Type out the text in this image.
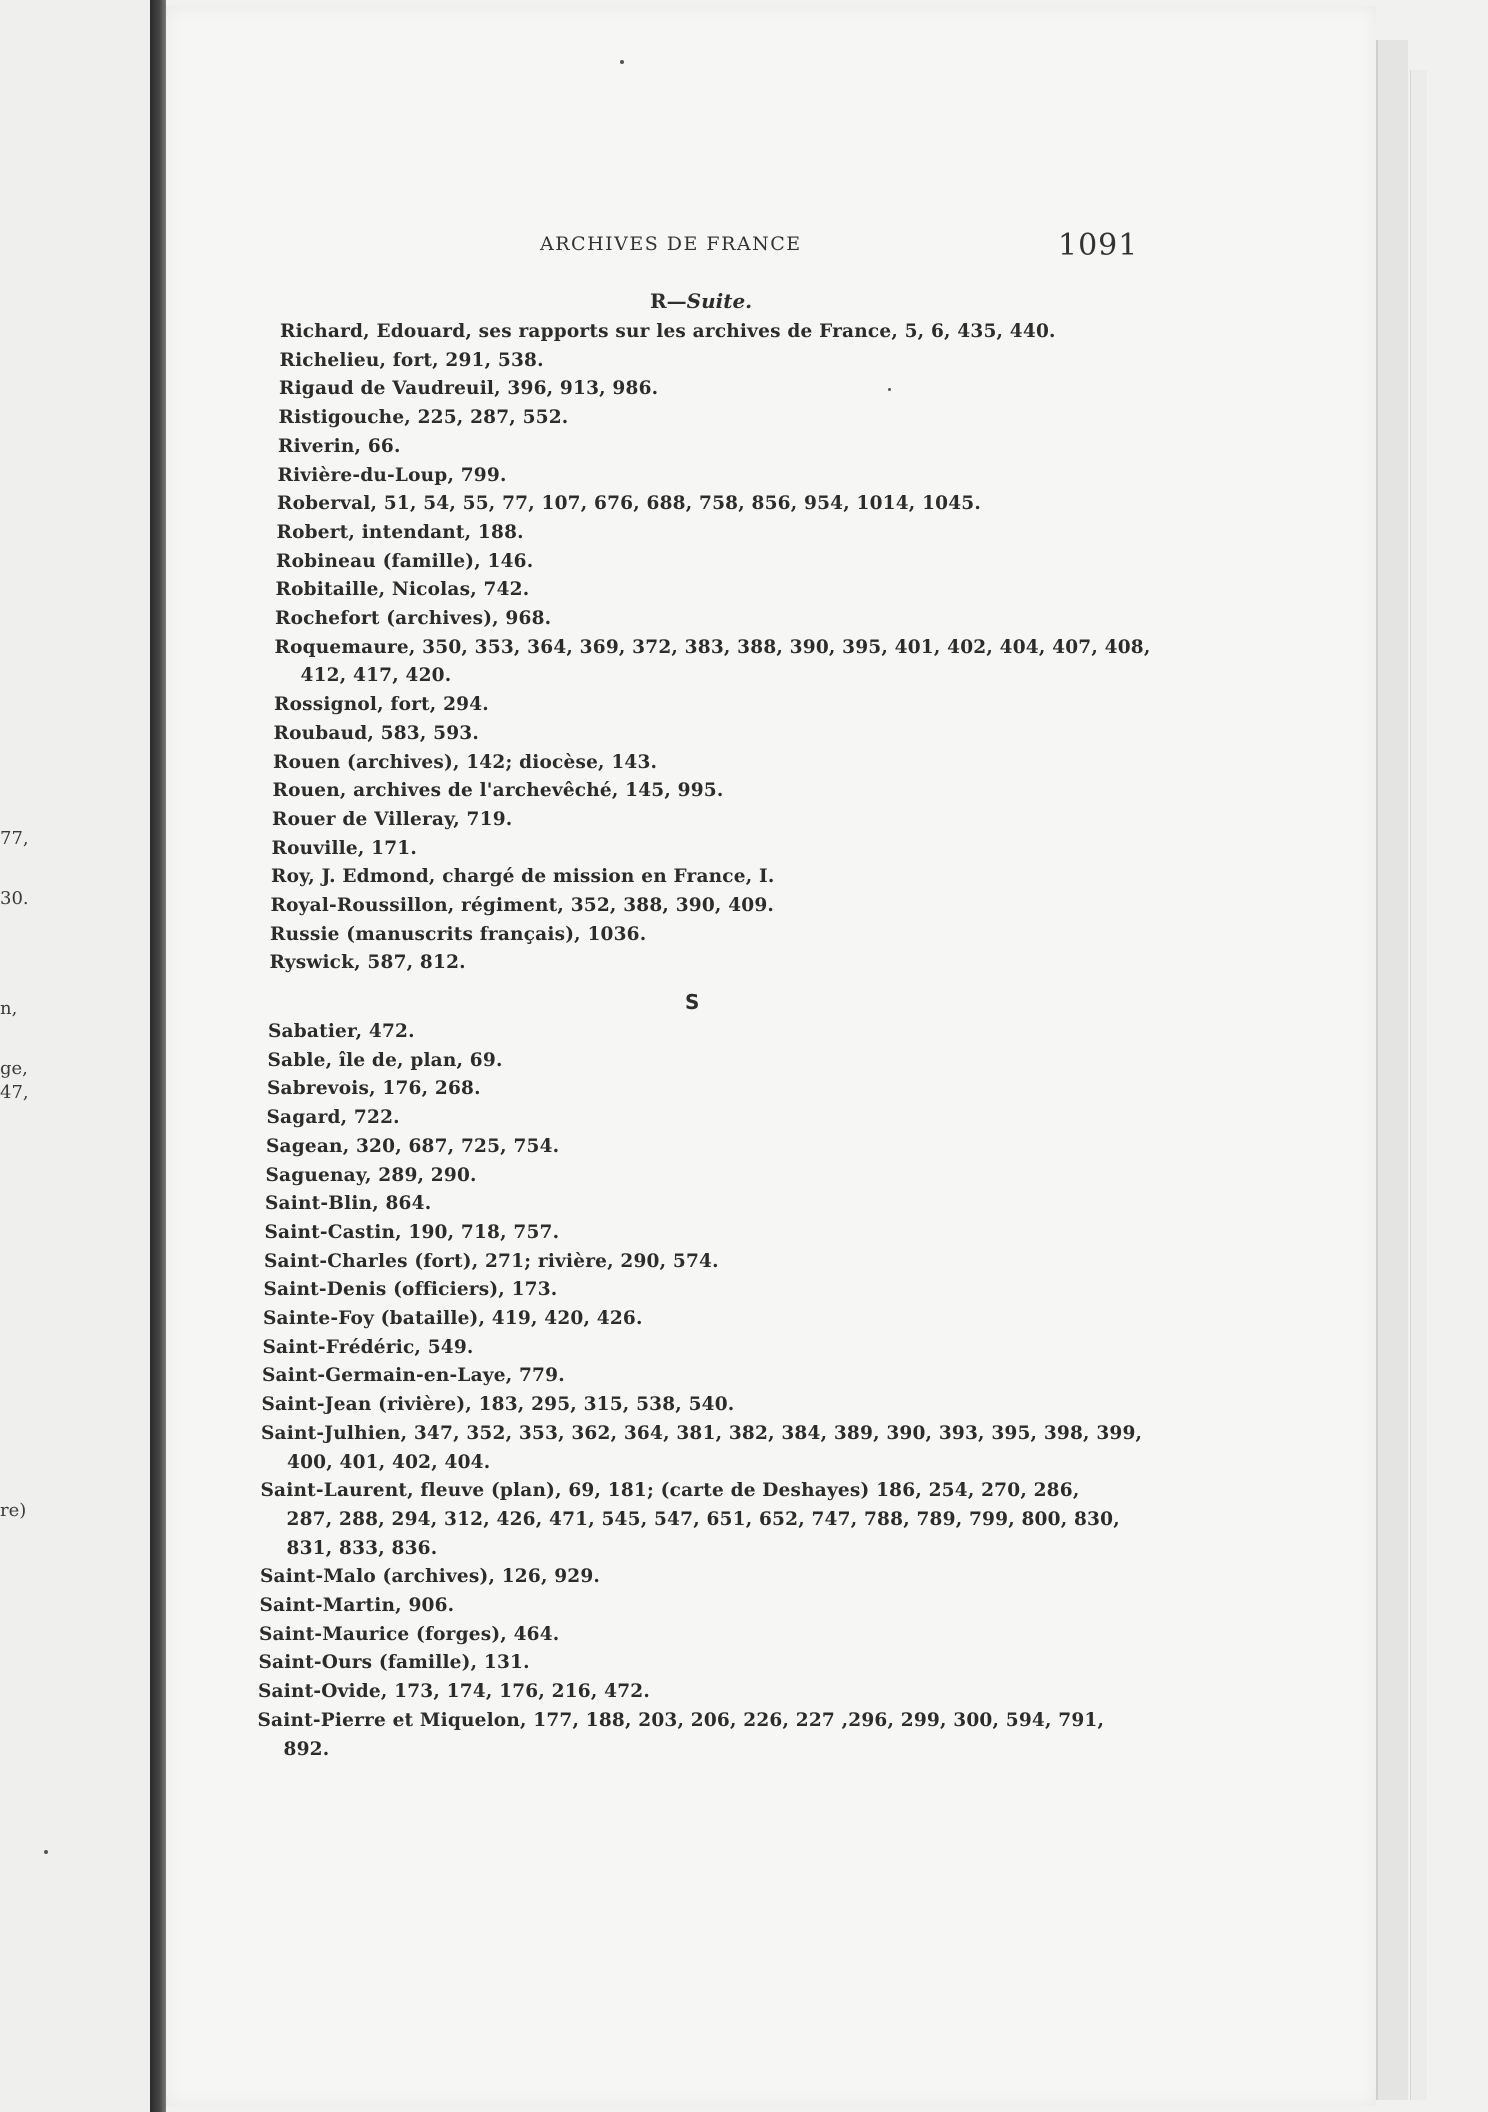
77,
30.
n,
ge,
47,
re)
ARCHIVES DE FRANCE	1091
R—Suite.
S
Richard, Edouard, ses rapports sur les archives de France, 5, 6, 435, 440.
Richelieu, fort, 291, 538.
Rigaud de Vaudreuil, 396, 913, 986.
Ristigouche, 225, 287, 552.
Riverin, 66.
Rivière-du-Loup, 799.
Roberval, 51, 54, 55, 77, 107, 676, 688, 758, 856, 954, 1014, 1045.
Robert, intendant, 188.
Robineau (famille), 146.
Robitaille, Nicolas, 742.
Rochefort (archives), 968.
Roquemaure, 350, 353, 364, 369, 372, 383, 388, 390, 395, 401, 402, 404, 407, 408,
412, 417, 420.
Rossignol, fort, 294.
Roubaud, 583, 593.
Rouen (archives), 142; diocèse, 143.
Rouen, archives de l'archevêché, 145, 995.
Rouer de Villeray, 719.
Rouville, 171.
Roy, J. Edmond, chargé de mission en France, I.
Royal-Roussillon, régiment, 352, 388, 390, 409.
Russie (manuscrits français), 1036.
Ryswick, 587, 812.
Sabatier, 472.
Sable, île de, plan, 69.
Sabrevois, 176, 268.
Sagard, 722.
Sagean, 320, 687, 725, 754.
Saguenay, 289, 290.
Saint-Blin, 864.
Saint-Castin, 190, 718, 757.
Saint-Charles (fort), 271; rivière, 290, 574.
Saint-Denis (officiers), 173.
Sainte-Foy (bataille), 419, 420, 426.
Saint-Frédéric, 549.
Saint-Germain-en-Laye, 779.
Saint-Jean (rivière), 183, 295, 315, 538, 540.
Saint-Julhien, 347, 352, 353, 362, 364, 381, 382, 384, 389, 390, 393, 395, 398, 399,
400, 401, 402, 404.
Saint-Laurent, fleuve (plan), 69, 181; (carte de Deshayes) 186, 254, 270, 286,
287, 288, 294, 312, 426, 471, 545, 547, 651, 652, 747, 788, 789, 799, 800, 830,
831, 833, 836.
Saint-Malo (archives), 126, 929.
Saint-Martin, 906.
Saint-Maurice (forges), 464.
Saint-Ours (famille), 131.
Saint-Ovide, 173, 174, 176, 216, 472.
Saint-Pierre et Miquelon, 177, 188, 203, 206, 226, 227 ,296, 299, 300, 594, 791,
892.
